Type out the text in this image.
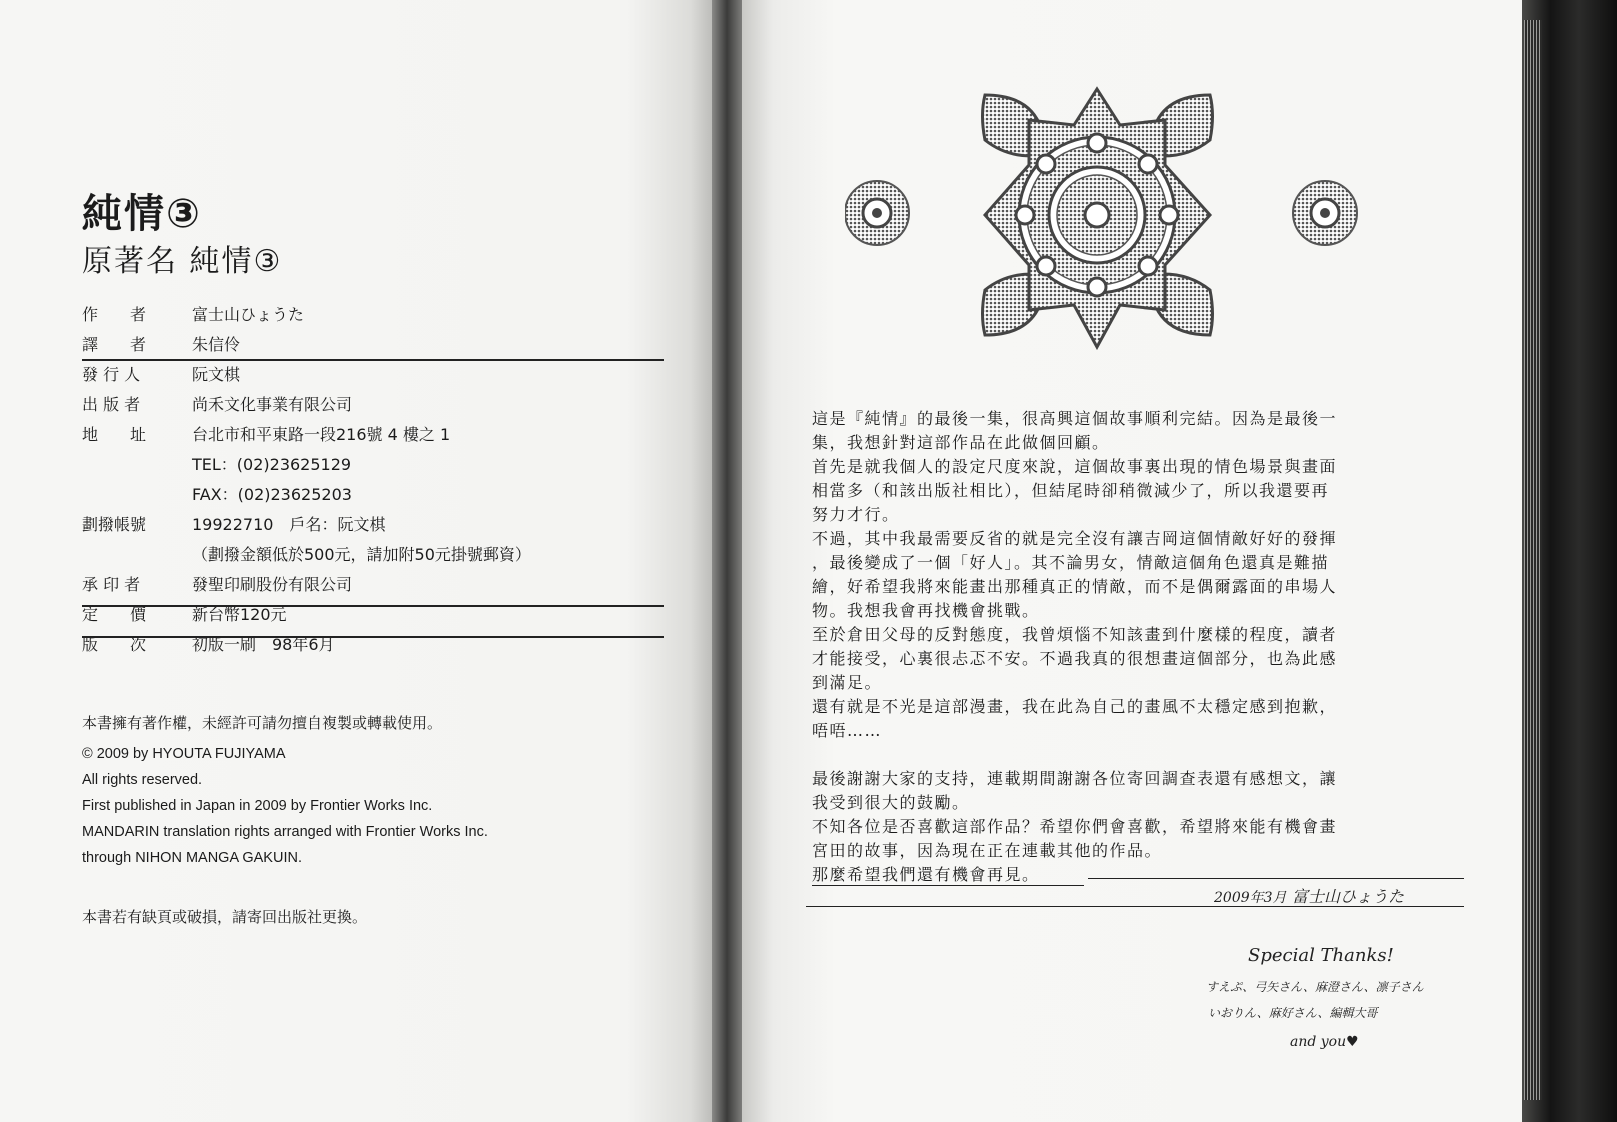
純情③
原著名 純情③
作　　者	富士山ひょうた
譯　　者	朱信伶
發 行 人	阮文棋
出 版 者	尚禾文化事業有限公司
地　　址	台北市和平東路一段216號 4 樓之 1
TEL：(02)23625129
FAX：(02)23625203
劃撥帳號	19922710　戶名：阮文棋
（劃撥金額低於500元，請加附50元掛號郵資）
承 印 者	發聖印刷股份有限公司
定　　價	新台幣120元
版　　次	初版一刷　98年6月
本書擁有著作權，未經許可請勿擅自複製或轉載使用。
© 2009 by HYOUTA FUJIYAMA
All rights reserved.
First published in Japan in 2009 by Frontier Works Inc.
MANDARIN translation rights arranged with Frontier Works Inc.
through NIHON MANGA GAKUIN.
本書若有缺頁或破損，請寄回出版社更換。
這是『純情』的最後一集，很高興這個故事順利完結。因為是最後一
集，我想針對這部作品在此做個回顧。
首先是就我個人的設定尺度來說，這個故事裏出現的情色場景與畫面
相當多（和該出版社相比），但結尾時卻稍微減少了，所以我還要再
努力才行。
不過，其中我最需要反省的就是完全沒有讓吉岡這個情敵好好的發揮
，最後變成了一個「好人」。其不論男女，情敵這個角色還真是難描
繪，好希望我將來能畫出那種真正的情敵，而不是偶爾露面的串場人
物。我想我會再找機會挑戰。
至於倉田父母的反對態度，我曾煩惱不知該畫到什麼樣的程度，讀者
才能接受，心裏很忐忑不安。不過我真的很想畫這個部分，也為此感
到滿足。
還有就是不光是這部漫畫，我在此為自己的畫風不太穩定感到抱歉，
唔唔……
最後謝謝大家的支持，連載期間謝謝各位寄回調查表還有感想文，讓
我受到很大的鼓勵。
不知各位是否喜歡這部作品？希望你們會喜歡，希望將來能有機會畫
宮田的故事，因為現在正在連載其他的作品。
那麼希望我們還有機會再見。
2009年3月 富士山ひょうた
Special Thanks!
すえぷ、弓矢さん、麻澄さん、凛子さん
いおりん、麻好さん、編輯大哥
and you♥
